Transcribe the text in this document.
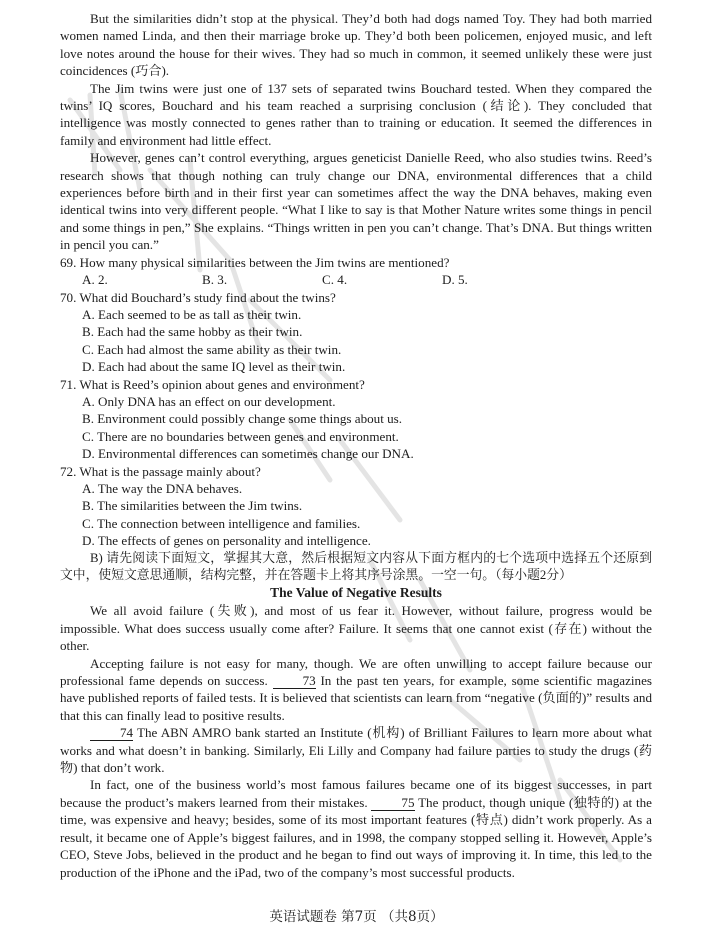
But the similarities didn’t stop at the physical. They’d both had dogs named Toy. They had both married women named Linda, and then their marriage broke up. They’d both been policemen, enjoyed music, and left love notes around the house for their wives. They had so much in common, it seemed unlikely these were just coincidences (巧合).

The Jim twins were just one of 137 sets of separated twins Bouchard tested. When they compared the twins’ IQ scores, Bouchard and his team reached a surprising conclusion (结论). They concluded that intelligence was mostly connected to genes rather than to training or education. It seemed the differences in family and environment had little effect.

However, genes can’t control everything, argues geneticist Danielle Reed, who also studies twins. Reed’s research shows that though nothing can truly change our DNA, environmental differences that a child experiences before birth and in their first year can sometimes affect the way the DNA behaves, making even identical twins into very different people. “What I like to say is that Mother Nature writes some things in pencil and some things in pen,” She explains. “Things written in pen you can’t change. That’s DNA. But things written in pencil you can.”

69. How many physical similarities between the Jim twins are mentioned?

A. 2.	B. 3.	C. 4.	D. 5.

70. What did Bouchard’s study find about the twins?

A. Each seemed to be as tall as their twin.

B. Each had the same hobby as their twin.

C. Each had almost the same ability as their twin.

D. Each had about the same IQ level as their twin.

71. What is Reed’s opinion about genes and environment?

A. Only DNA has an effect on our development.

B. Environment could possibly change some things about us.

C. There are no boundaries between genes and environment.

D. Environmental differences can sometimes change our DNA.

72. What is the passage mainly about?

A. The way the DNA behaves.

B. The similarities between the Jim twins.

C. The connection between intelligence and families.

D. The effects of genes on personality and intelligence.

B) 请先阅读下面短文，掌握其大意，然后根据短文内容从下面方框内的七个选项中选择五个还原到文中，使短文意思通顺，结构完整，并在答题卡上将其序号涂黑。一空一句。（每小题2分）

The Value of Negative Results

We all avoid failure (失败), and most of us fear it. However, without failure, progress would be impossible. What does success usually come after? Failure. It seems that one cannot exist (存在) without the other.

Accepting failure is not easy for many, though. We are often unwilling to accept failure because our professional fame depends on success.	73 In the past ten years, for example, some scientific magazines have published reports of failed tests. It is believed that scientists can learn from “negative (负面的)” results and that this can finally lead to positive results.

74 The ABN AMRO bank started an Institute (机构) of Brilliant Failures to learn more about what works and what doesn’t in banking. Similarly, Eli Lilly and Company had failure parties to study the drugs (药物) that don’t work.

In fact, one of the business world’s most famous failures became one of its biggest successes, in part because the product’s makers learned from their mistakes.	75 The product, though unique (独特的) at the time, was expensive and heavy; besides, some of its most important features (特点) didn’t work properly. As a result, it became one of Apple’s biggest failures, and in 1998, the company stopped selling it. However, Apple’s CEO, Steve Jobs, believed in the product and he began to find out ways of improving it. In time, this led to the production of the iPhone and the iPad, two of the company’s most successful products.

英语试题卷 第7页 （共8页）
